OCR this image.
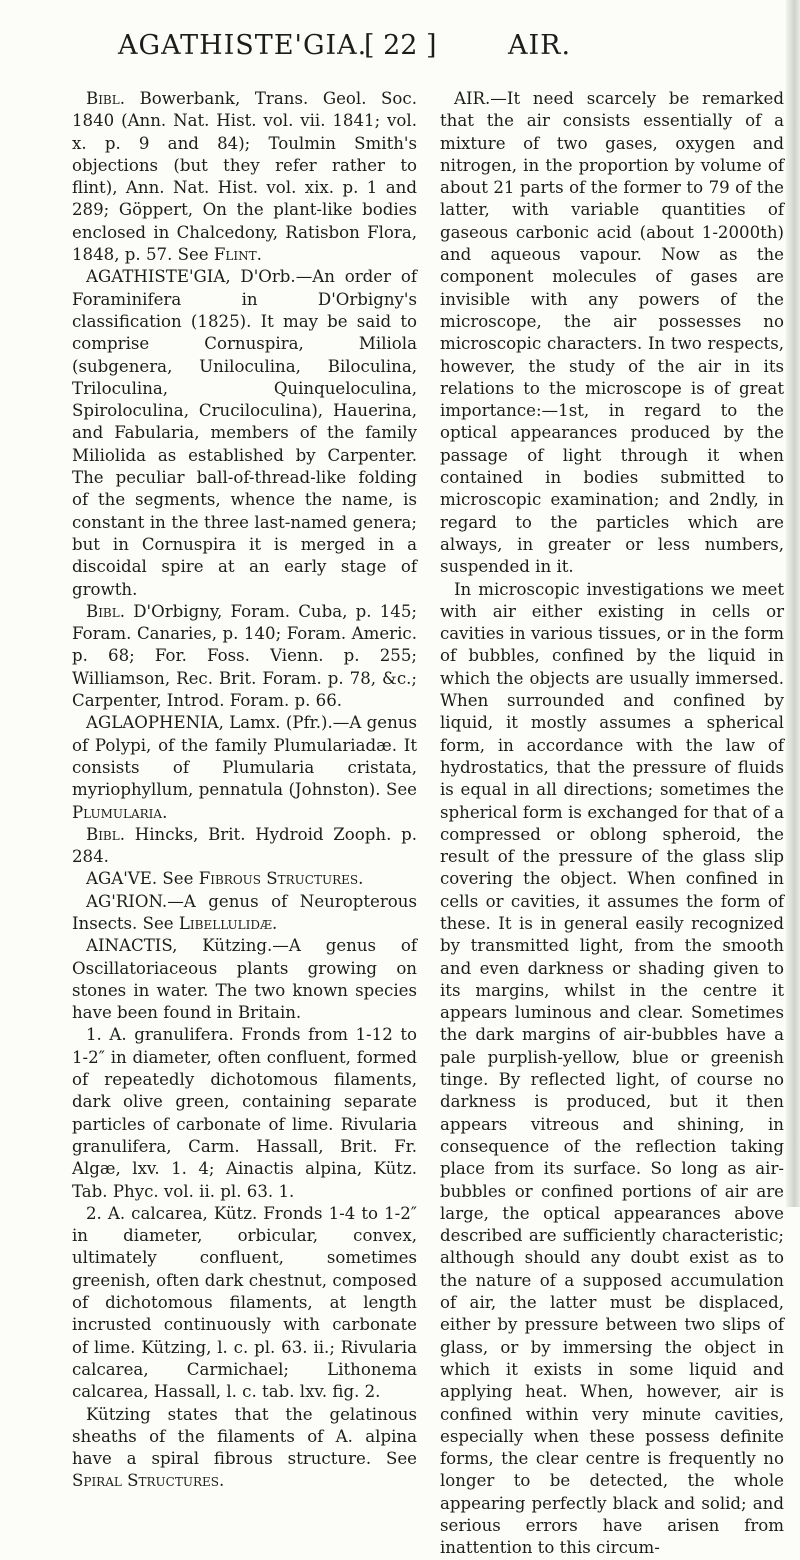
AGATHISTE'GIA.
[ 22 ]	AIR.

Bibl. Bowerbank, Trans. Geol. Soc. 1840 (Ann. Nat. Hist. vol. vii. 1841; vol. x. p. 9 and 84); Toulmin Smith's objections (but they refer rather to flint), Ann. Nat. Hist. vol. xix. p. 1 and 289; Göppert, On the plant-like bodies enclosed in Chalcedony, Ratisbon Flora, 1848, p. 57. See Flint.

AGATHISTE'GIA, D'Orb.—An order of Foraminifera in D'Orbigny's classification (1825). It may be said to comprise Cornuspira, Miliola (subgenera, Uniloculina, Biloculina, Triloculina, Quinqueloculina, Spiroloculina, Cruciloculina), Hauerina, and Fabularia, members of the family Miliolida as established by Carpenter. The peculiar ball-of-thread-like folding of the segments, whence the name, is constant in the three last-named genera; but in Cornuspira it is merged in a discoidal spire at an early stage of growth.

Bibl. D'Orbigny, Foram. Cuba, p. 145; Foram. Canaries, p. 140; Foram. Americ. p. 68; For. Foss. Vienn. p. 255; Williamson, Rec. Brit. Foram. p. 78, &c.; Carpenter, Introd. Foram. p. 66.

AGLAOPHENIA, Lamx. (Pfr.).—A genus of Polypi, of the family Plumulariadæ. It consists of Plumularia cristata, myriophyllum, pennatula (Johnston). See Plumularia.

Bibl. Hincks, Brit. Hydroid Zooph. p. 284.

AGA'VE. See Fibrous Structures.

AG'RION.—A genus of Neuropterous Insects. See Libellulidæ.

AINACTIS, Kützing.—A genus of Oscillatoriaceous plants growing on stones in water. The two known species have been found in Britain.

1. A. granulifera. Fronds from 1-12 to 1-2″ in diameter, often confluent, formed of repeatedly dichotomous filaments, dark olive green, containing separate particles of carbonate of lime. Rivularia granulifera, Carm. Hassall, Brit. Fr. Algæ, lxv. 1. 4; Ainactis alpina, Kütz. Tab. Phyc. vol. ii. pl. 63. 1.

2. A. calcarea, Kütz. Fronds 1-4 to 1-2″ in diameter, orbicular, convex, ultimately confluent, sometimes greenish, often dark chestnut, composed of dichotomous filaments, at length incrusted continuously with carbonate of lime. Kützing, l. c. pl. 63. ii.; Rivularia calcarea, Carmichael; Lithonema calcarea, Hassall, l. c. tab. lxv. fig. 2.

Kützing states that the gelatinous sheaths of the filaments of A. alpina have a spiral fibrous structure. See Spiral Structures.

AIR.—It need scarcely be remarked that the air consists essentially of a mixture of two gases, oxygen and nitrogen, in the proportion by volume of about 21 parts of the former to 79 of the latter, with variable quantities of gaseous carbonic acid (about 1-2000th) and aqueous vapour. Now as the component molecules of gases are invisible with any powers of the microscope, the air possesses no microscopic characters. In two respects, however, the study of the air in its relations to the microscope is of great importance:—1st, in regard to the optical appearances produced by the passage of light through it when contained in bodies submitted to microscopic examination; and 2ndly, in regard to the particles which are always, in greater or less numbers, suspended in it.

In microscopic investigations we meet with air either existing in cells or cavities in various tissues, or in the form of bubbles, confined by the liquid in which the objects are usually immersed. When surrounded and confined by liquid, it mostly assumes a spherical form, in accordance with the law of hydrostatics, that the pressure of fluids is equal in all directions; sometimes the spherical form is exchanged for that of a compressed or oblong spheroid, the result of the pressure of the glass slip covering the object. When confined in cells or cavities, it assumes the form of these. It is in general easily recognized by transmitted light, from the smooth and even darkness or shading given to its margins, whilst in the centre it appears luminous and clear. Sometimes the dark margins of air-bubbles have a pale purplish-yellow, blue or greenish tinge. By reflected light, of course no darkness is produced, but it then appears vitreous and shining, in consequence of the reflection taking place from its surface. So long as air-bubbles or confined portions of air are large, the optical appearances above described are sufficiently characteristic; although should any doubt exist as to the nature of a supposed accumulation of air, the latter must be displaced, either by pressure between two slips of glass, or by immersing the object in which it exists in some liquid and applying heat. When, however, air is confined within very minute cavities, especially when these possess definite forms, the clear centre is frequently no longer to be detected, the whole appearing perfectly black and solid; and serious errors have arisen from inattention to this circum-
